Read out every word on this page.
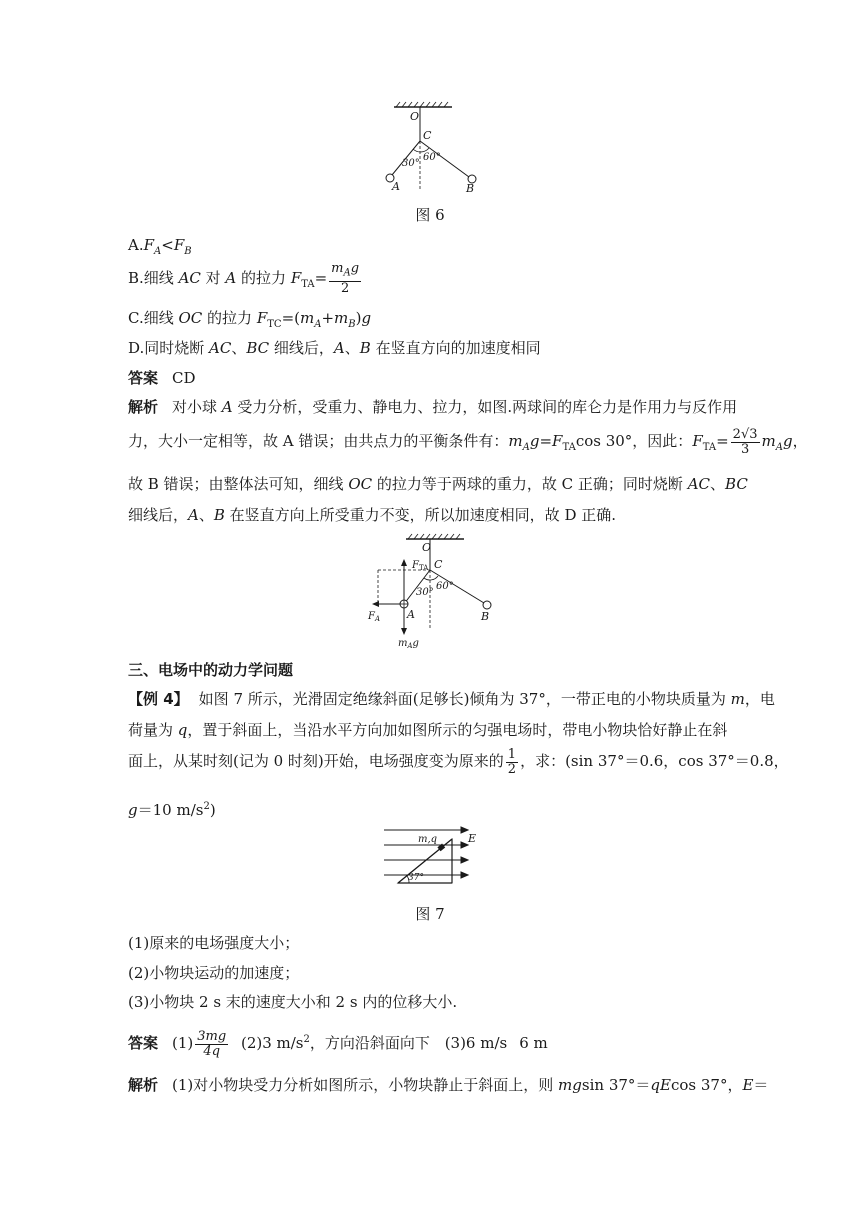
O
C
30°
60°
A	B
图 6
$A.F_A<F_B$
B.细线 AC 对 A 的拉力 $F_{TA}= \frac{m_Ag}{2}$
C.细线 OC 的拉力 $F_{TC}=(m_A+m_B)g$
D.同时烧断 AC、BC 细线后，A、B 在竖直方向的加速度相同
答案 CD
解析 对小球 A 受力分析，受重力、静电力、拉力，如图.两球间的库仑力是作用力与反作用
力，大小一定相等，故 A 错误；由共点力的平衡条件有：$m_Ag=F_{TA}\cos$ 30°，因此：$F_{TA}= \frac{2√3}{3} m_Ag$，
故 B 错误；由整体法可知，细线 OC 的拉力等于两球的重力，故 C 正确；同时烧断 AC、BC
细线后，A、B 在竖直方向上所受重力不变，所以加速度相同，故 D 正确.
O
C
$F_{TA}$
30°
60°
$F_A$ A	B
$m_Ag$
三、电场中的动力学问题
【例 4】 如图 7 所示，光滑固定绝缘斜面(足够长)倾角为 37°，一带正电的小物块质量为 m，电
荷量为 q，置于斜面上，当沿水平方向加如图所示的匀强电场时，带电小物块恰好静止在斜
面上，从某时刻(记为 0 时刻)开始，电场强度变为原来的 $\frac{1}{2}$ ，求：(sin 37°＝0.6，cos 37°＝0.8，
g＝10 $m/s^2$)
m,q	E
37°
图 7
(1)原来的电场强度大小；
(2)小物块运动的加速度；
(3)小物块 2 s 末的速度大小和 2 s 内的位移大小.
答案 $(1) \frac{3mg}{4q} (2)3$ $m/s^2$，方向沿斜面向下 (3)6 m/s 6 m
解析 (1)对小物块受力分析如图所示，小物块静止于斜面上，则 mgsin 37°＝qEcos 37°，E＝
